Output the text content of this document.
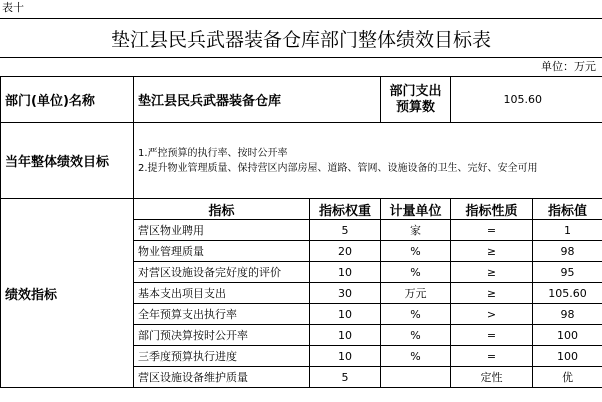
表十
垫江县民兵武器装备仓库部门整体绩效目标表
单位：万元
部门(单位)名称	垫江县民兵武器装备仓库		部门支出预算数	105.60	
当年整体绩效目标	1.严控预算的执行率、按时公开率
2.提升物业管理质量、保持营区内部房屋、道路、管网、设施设备的卫生、完好、安全可用				

绩效指标	指标	指标权重	计量单位	指标性质	指标值
	营区物业聘用	5	家	=	1
	物业管理质量	20	%	≥	98
	对营区设施设备完好度的评价	10	%	≥	95
	基本支出项目支出	30	万元	≥	105.60
	全年预算支出执行率	10	%	>	98
	部门预决算按时公开率	10	%	=	100
	三季度预算执行进度	10	%	=	100
	营区设施设备维护质量	5		定性	优
